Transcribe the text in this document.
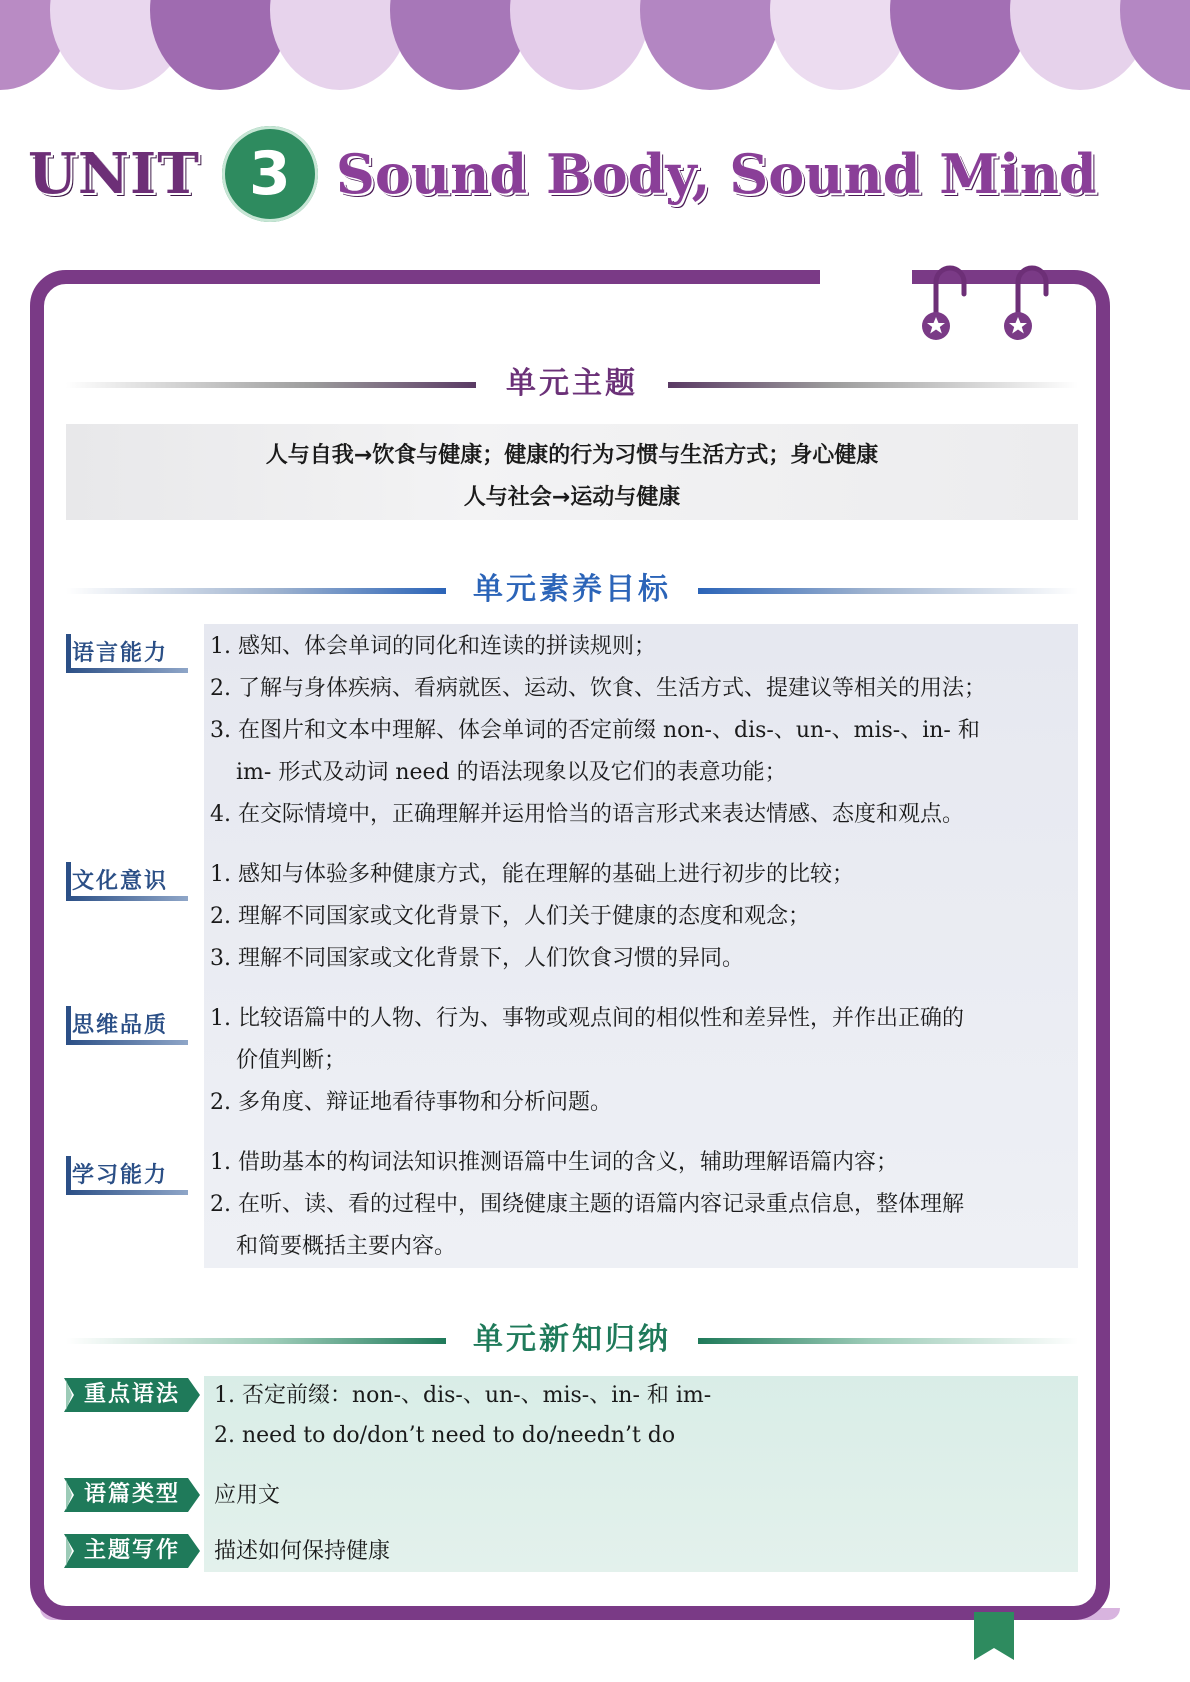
UNIT 3 Sound Body, Sound Mind
单元主题
人与自我→饮食与健康；健康的行为习惯与生活方式；身心健康
人与社会→运动与健康
单元素养目标
语言能力 1. 感知、体会单词的同化和连读的拼读规则；
2. 了解与身体疾病、看病就医、运动、饮食、生活方式、提建议等相关的用法；
3. 在图片和文本中理解、体会单词的否定前缀 non-、dis-、un-、mis-、in- 和
im- 形式及动词 need 的语法现象以及它们的表意功能；
4. 在交际情境中，正确理解并运用恰当的语言形式来表达情感、态度和观点。
文化意识 1. 感知与体验多种健康方式，能在理解的基础上进行初步的比较；
2. 理解不同国家或文化背景下，人们关于健康的态度和观念；
3. 理解不同国家或文化背景下，人们饮食习惯的异同。
思维品质 1. 比较语篇中的人物、行为、事物或观点间的相似性和差异性，并作出正确的
价值判断；
2. 多角度、辩证地看待事物和分析问题。
学习能力
1. 借助基本的构词法知识推测语篇中生词的含义，辅助理解语篇内容；
2. 在听、读、看的过程中，围绕健康主题的语篇内容记录重点信息，整体理解
和简要概括主要内容。
单元新知归纳
重点语法 1. 否定前缀：non-、dis-、un-、mis-、in- 和 im-
2. need to do/don’t need to do/needn’t do
语篇类型 应用文
主题写作 描述如何保持健康
